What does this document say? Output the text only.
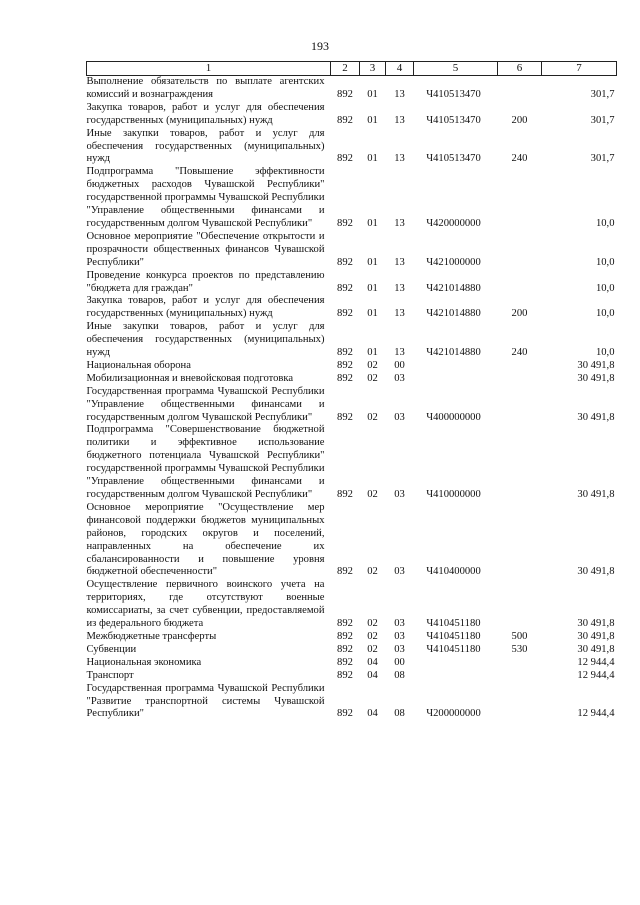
193
1	2	3	4	5	6	7
Выполнение обязательств по выплате агентских комиссий и вознаграждения	892	01	13	Ч410513470		301,7
Закупка товаров, работ и услуг для обеспечения государственных (муниципальных) нужд	892	01	13	Ч410513470	200	301,7
Иные закупки товаров, работ и услуг для обеспечения государственных (муниципальных) нужд	892	01	13	Ч410513470	240	301,7
Подпрограмма "Повышение эффективности бюджетных расходов Чувашской Республики" государственной программы Чувашской Республики "Управление общественными финансами и государственным долгом Чувашской Республики"	892	01	13	Ч420000000		10,0
Основное мероприятие "Обеспечение открытости и прозрачности общественных финансов Чувашской Республики"	892	01	13	Ч421000000		10,0
Проведение конкурса проектов по представлению "бюджета для граждан"	892	01	13	Ч421014880		10,0
Закупка товаров, работ и услуг для обеспечения государственных (муниципальных) нужд	892	01	13	Ч421014880	200	10,0
Иные закупки товаров, работ и услуг для обеспечения государственных (муниципальных) нужд	892	01	13	Ч421014880	240	10,0
Национальная оборона	892	02	00			30 491,8
Мобилизационная и вневойсковая подготовка	892	02	03			30 491,8
Государственная программа Чувашской Республики "Управление общественными финансами и государственным долгом Чувашской Республики"	892	02	03	Ч400000000		30 491,8
Подпрограмма "Совершенствование бюджетной политики и эффективное использование бюджетного потенциала Чувашской Республики" государственной программы Чувашской Республики "Управление общественными финансами и государственным долгом Чувашской Республики"	892	02	03	Ч410000000		30 491,8
Основное мероприятие "Осуществление мер финансовой поддержки бюджетов муниципальных районов, городских округов и поселений, направленных на обеспечение их сбалансированности и повышение уровня бюджетной обеспеченности"	892	02	03	Ч410400000		30 491,8
Осуществление первичного воинского учета на территориях, где отсутствуют военные комиссариаты, за счет субвенции, предоставляемой из федерального бюджета	892	02	03	Ч410451180		30 491,8
Межбюджетные трансферты	892	02	03	Ч410451180	500	30 491,8
Субвенции	892	02	03	Ч410451180	530	30 491,8
Национальная экономика	892	04	00			12 944,4
Транспорт	892	04	08			12 944,4
Государственная программа Чувашской Республики "Развитие транспортной системы Чувашской Республики"	892	04	08	Ч200000000		12 944,4
